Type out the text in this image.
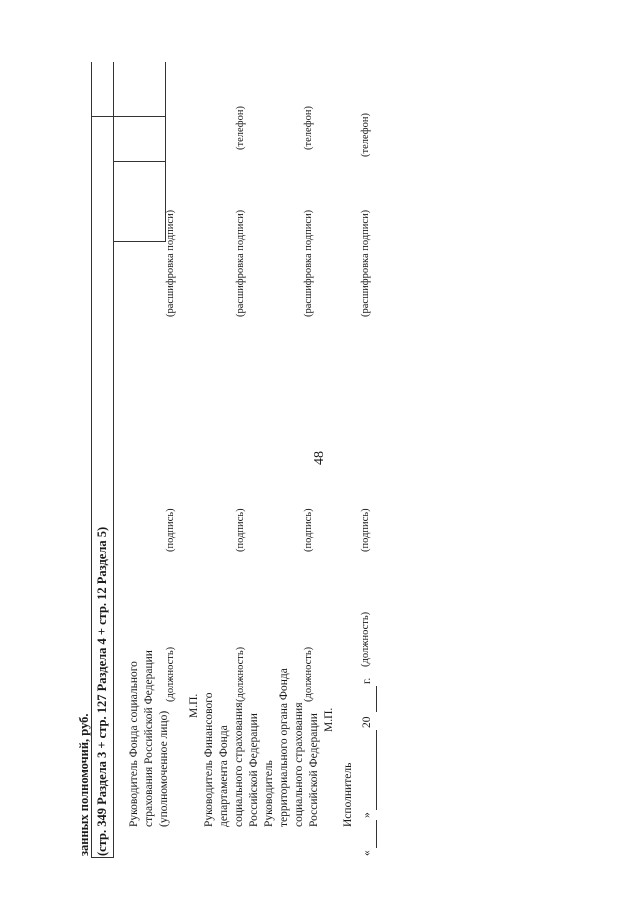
48
занных полномочий, руб. (стр. 349 Раздела 3 + стр. 127 Раздела 4 + стр. 12 Раздела 5) Руководитель Фонда социального страхования Российской Федерации (уполномоченное лицо)
(должность)
(подпись)
(расшифровка подписи)
М.П. Руководитель Финансового департамента Фонда социального страхования Российской Федерации
(должность)
(подпись)
(расшифровка подписи)
(телефон)
Руководитель территориального органа Фонда социального страхования Российской Федерации
(должность)
(подпись)
(расшифровка подписи)
(телефон)
М.П.
Исполнитель
(должность)
(подпись)
(расшифровка подписи)
(телефон)
«
»
20
г.
